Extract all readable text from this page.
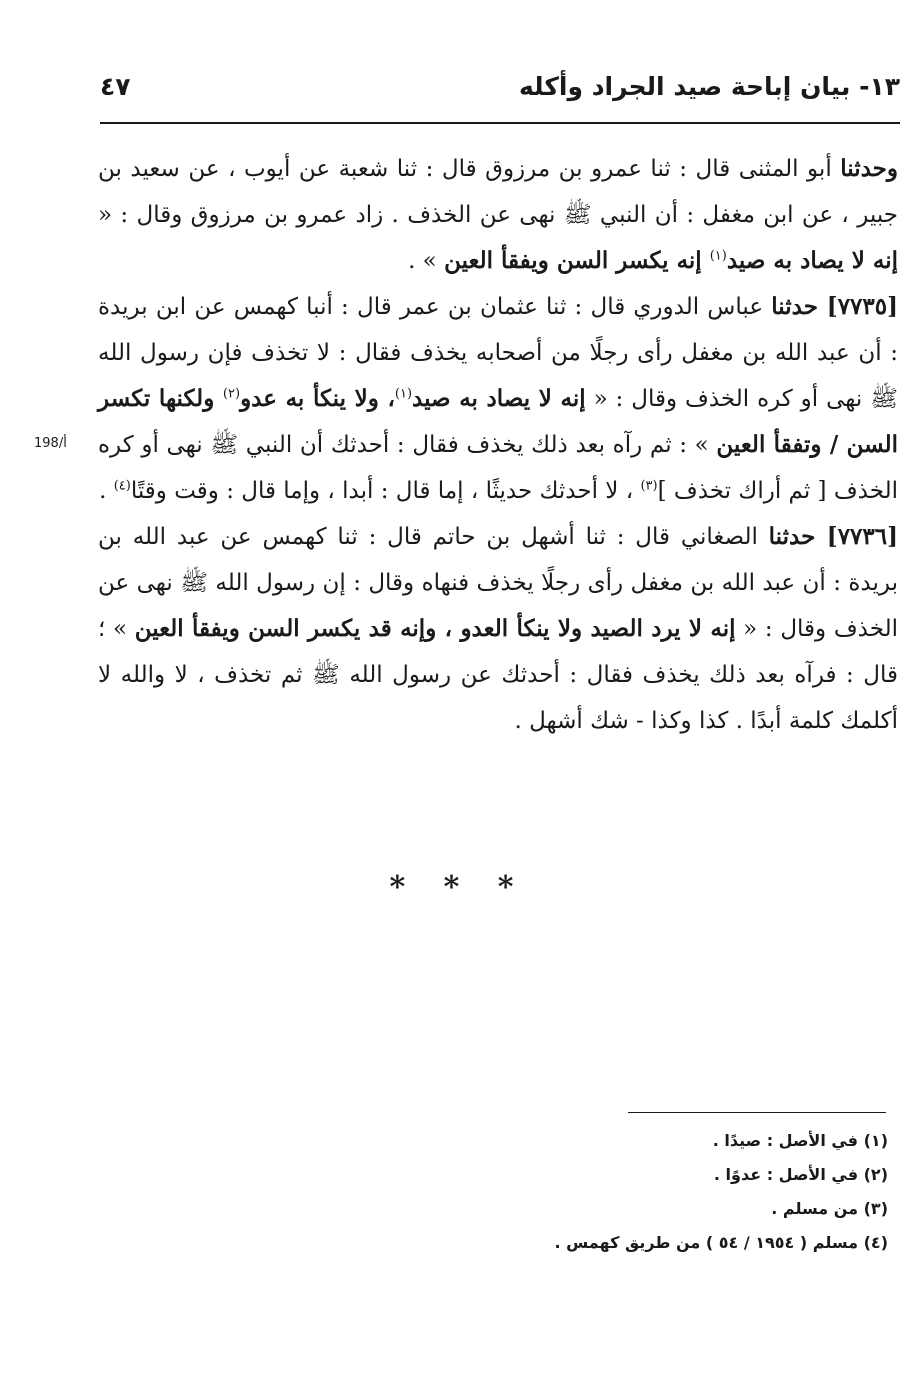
١٣- بيان إباحة صيد الجراد وأكله
٤٧
198/أ

وحدثنا أبو المثنى قال : ثنا عمرو بن مرزوق قال : ثنا شعبة عن أيوب ، عن سعيد بن جبير ، عن ابن مغفل : أن النبي ﷺ نهى عن الخذف . زاد عمرو بن مرزوق وقال : « إنه لا يصاد به صيد$^{(١)}$ إنه يكسر السن ويفقأ العين » .

[٧٧٣٥] حدثنا عباس الدوري قال : ثنا عثمان بن عمر قال : أنبا كهمس عن ابن بريدة : أن عبد الله بن مغفل رأى رجلًا من أصحابه يخذف فقال : لا تخذف فإن رسول الله ﷺ نهى أو كره الخذف وقال : « إنه لا يصاد به صيد$^{(١)}$، ولا ينكأ به عدو$^{(٢)}$ ولكنها تكسر السن / وتفقأ العين » : ثم رآه بعد ذلك يخذف فقال : أحدثك أن النبي ﷺ نهى أو كره الخذف [ ثم أراك تخذف ]$^{(٣)}$ ، لا أحدثك حديثًا ، إما قال : أبدا ، وإما قال : وقت وقتًا$^{(٤)}$ .

[٧٧٣٦] حدثنا الصغاني قال : ثنا أشهل بن حاتم قال : ثنا كهمس عن عبد الله بن بريدة : أن عبد الله بن مغفل رأى رجلًا يخذف فنهاه وقال : إن رسول الله ﷺ نهى عن الخذف وقال : « إنه لا يرد الصيد ولا ينكأ العدو ، وإنه قد يكسر السن ويفقأ العين » ؛ قال : فرآه بعد ذلك يخذف فقال : أحدثك عن رسول الله ﷺ ثم تخذف ، لا والله لا أكلمك كلمة أبدًا . كذا وكذا - شك أشهل .

* * *
(١) في الأصل : صيدًا .
(٢) في الأصل : عدوًا .
(٣) من مسلم .
(٤) مسلم ( ١٩٥٤ / ٥٤ ) من طريق كهمس .
